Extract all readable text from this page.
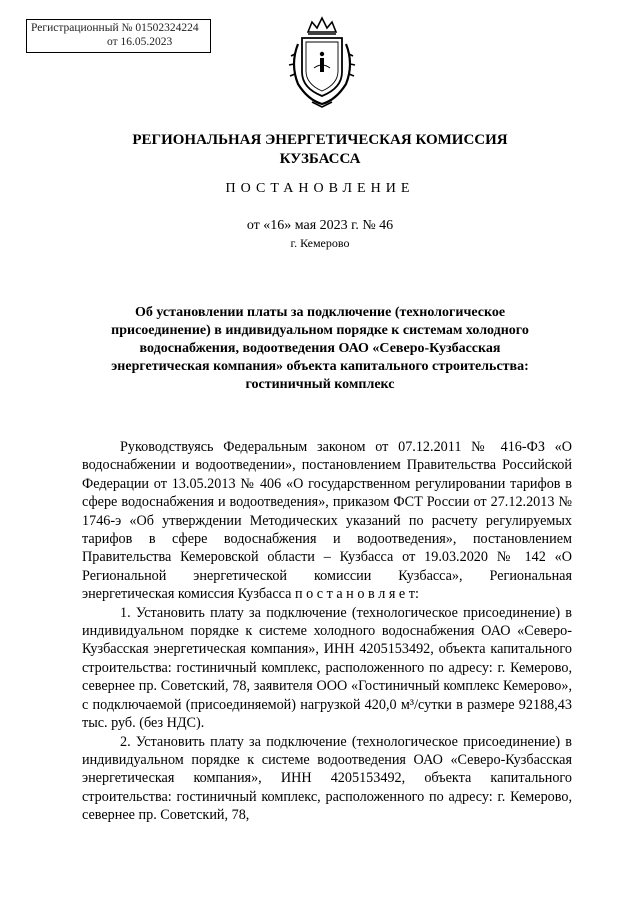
Регистрационный № 01502324224
от 16.05.2023
РЕГИОНАЛЬНАЯ ЭНЕРГЕТИЧЕСКАЯ КОМИССИЯ КУЗБАССА
ПОСТАНОВЛЕНИЕ
от «16» мая 2023 г. № 46
г. Кемерово
Об установлении платы за подключение (технологическое присоединение) в индивидуальном порядке к системам холодного водоснабжения, водоотведения ОАО «Северо-Кузбасская энергетическая компания» объекта капитального строительства: гостиничный комплекс

Руководствуясь Федеральным законом от 07.12.2011 № 416-ФЗ «О водоснабжении и водоотведении», постановлением Правительства Российской Федерации от 13.05.2013 № 406 «О государственном регулировании тарифов в сфере водоснабжения и водоотведения», приказом ФСТ России от 27.12.2013 № 1746-э «Об утверждении Методических указаний по расчету регулируемых тарифов в сфере водоснабжения и водоотведения», постановлением Правительства Кемеровской области – Кузбасса от 19.03.2020 № 142 «О Региональной энергетической комиссии Кузбасса», Региональная энергетическая комиссия Кузбасса п о с т а н о в л я е т:

1. Установить плату за подключение (технологическое присоединение) в индивидуальном порядке к системе холодного водоснабжения ОАО «Северо-Кузбасская энергетическая компания», ИНН 4205153492, объекта капитального строительства: гостиничный комплекс, расположенного по адресу: г. Кемерово, севернее пр. Советский, 78, заявителя ООО «Гостиничный комплекс Кемерово», с подключаемой (присоединяемой) нагрузкой 420,0 м³/сутки в размере 92188,43 тыс. руб. (без НДС).

2. Установить плату за подключение (технологическое присоединение) в индивидуальном порядке к системе водоотведения ОАО «Северо-Кузбасская энергетическая компания», ИНН 4205153492, объекта капитального строительства: гостиничный комплекс, расположенного по адресу: г. Кемерово, севернее пр. Советский, 78,
